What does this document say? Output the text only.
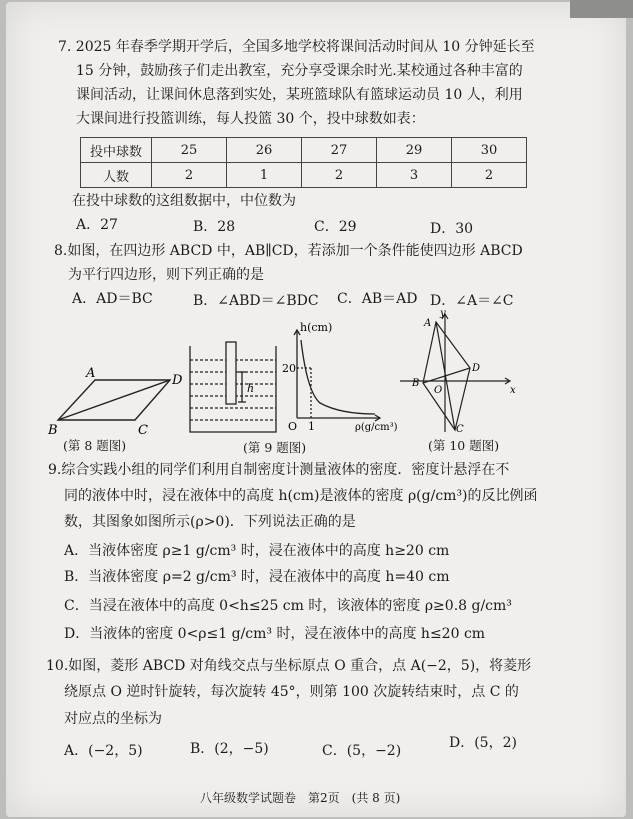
7. 2025 年春季学期开学后，全国多地学校将课间活动时间从 10 分钟延长至
15 分钟，鼓励孩子们走出教室，充分享受课余时光.某校通过各种丰富的
课间活动，让课间休息落到实处，某班篮球队有篮球运动员 10 人，利用
大课间进行投篮训练，每人投篮 30 个，投中球数如表：
投中球数	25	26	27	29	30
人数	2	1	2	3	2
在投中球数的这组数据中，中位数为
A．27	B．28	C．29	D．30
8.如图，在四边形 ABCD 中，AB∥CD，若添加一个条件能使四边形 ABCD
为平行四边形，则下列正确的是
A．AD＝BC	B．∠ABD＝∠BDC C．AB＝AD D．∠A＝∠C
A	D
B	C
h
h(cm)
20
O 1	ρ(g/cm³)
A
y
D
B
O	x
C
(第 8 题图)	(第 9 题图)	(第 10 题图)
9.综合实践小组的同学们利用自制密度计测量液体的密度．密度计悬浮在不
同的液体中时，浸在液体中的高度 h(cm)是液体的密度 ρ(g/cm³)的反比例函
数，其图象如图所示(ρ>0)．下列说法正确的是
A．当液体密度 ρ≥1 g/cm³ 时，浸在液体中的高度 h≥20 cm
B．当液体密度 ρ=2 g/cm³ 时，浸在液体中的高度 h=40 cm
C．当浸在液体中的高度 0<h≤25 cm 时，该液体的密度 ρ≥0.8 g/cm³
D．当液体的密度 0<ρ≤1 g/cm³ 时，浸在液体中的高度 h≤20 cm
10.如图，菱形 ABCD 对角线交点与坐标原点 O 重合，点 A(−2，5)，将菱形
绕原点 O 逆时针旋转，每次旋转 45°，则第 100 次旋转结束时，点 C 的
对应点的坐标为
A．(−2，5)	B．(2，−5)	C．(5，−2)	D．(5，2)
八年级数学试题卷　第2页　(共 8 页)
